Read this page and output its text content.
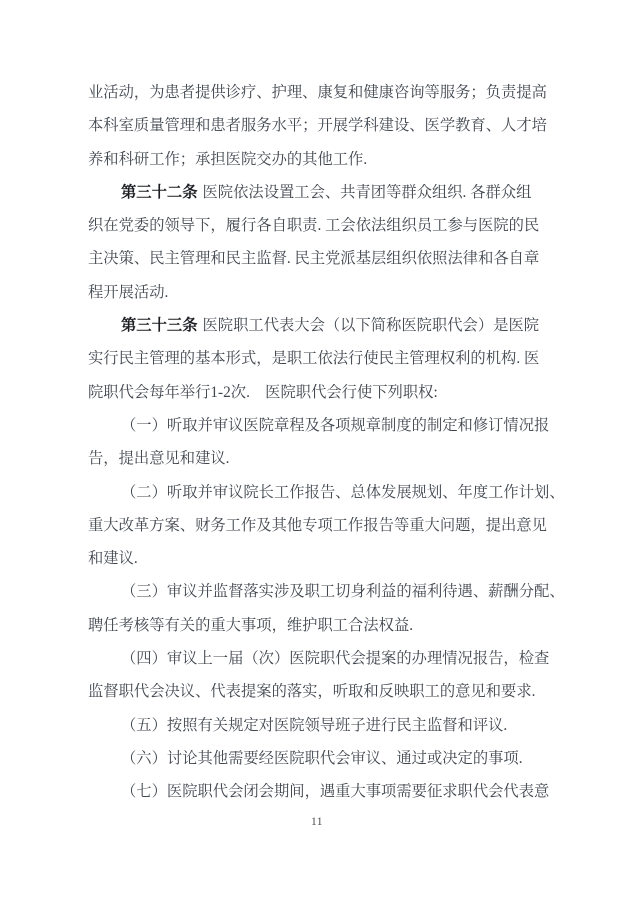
业活动，为患者提供诊疗、护理、康复和健康咨询等服务；负责提高
本科室质量管理和患者服务水平；开展学科建设、医学教育、人才培
养和科研工作；承担医院交办的其他工作.
第三十二条 医院依法设置工会、共青团等群众组织. 各群众组
织在党委的领导下，履行各自职责. 工会依法组织员工参与医院的民
主决策、民主管理和民主监督. 民主党派基层组织依照法律和各自章
程开展活动.
第三十三条 医院职工代表大会（以下简称医院职代会）是医院
实行民主管理的基本形式，是职工依法行使民主管理权利的机构. 医
院职代会每年举行1-2次.　医院职代会行使下列职权:
（一）听取并审议医院章程及各项规章制度的制定和修订情况报
告，提出意见和建议.
（二）听取并审议院长工作报告、总体发展规划、年度工作计划、
重大改革方案、财务工作及其他专项工作报告等重大问题，提出意见
和建议.
（三）审议并监督落实涉及职工切身利益的福利待遇、薪酬分配、
聘任考核等有关的重大事项，维护职工合法权益.
（四）审议上一届（次）医院职代会提案的办理情况报告，检查
监督职代会决议、代表提案的落实，听取和反映职工的意见和要求.
（五）按照有关规定对医院领导班子进行民主监督和评议.
（六）讨论其他需要经医院职代会审议、通过或决定的事项.
（七）医院职代会闭会期间，遇重大事项需要征求职代会代表意
11
